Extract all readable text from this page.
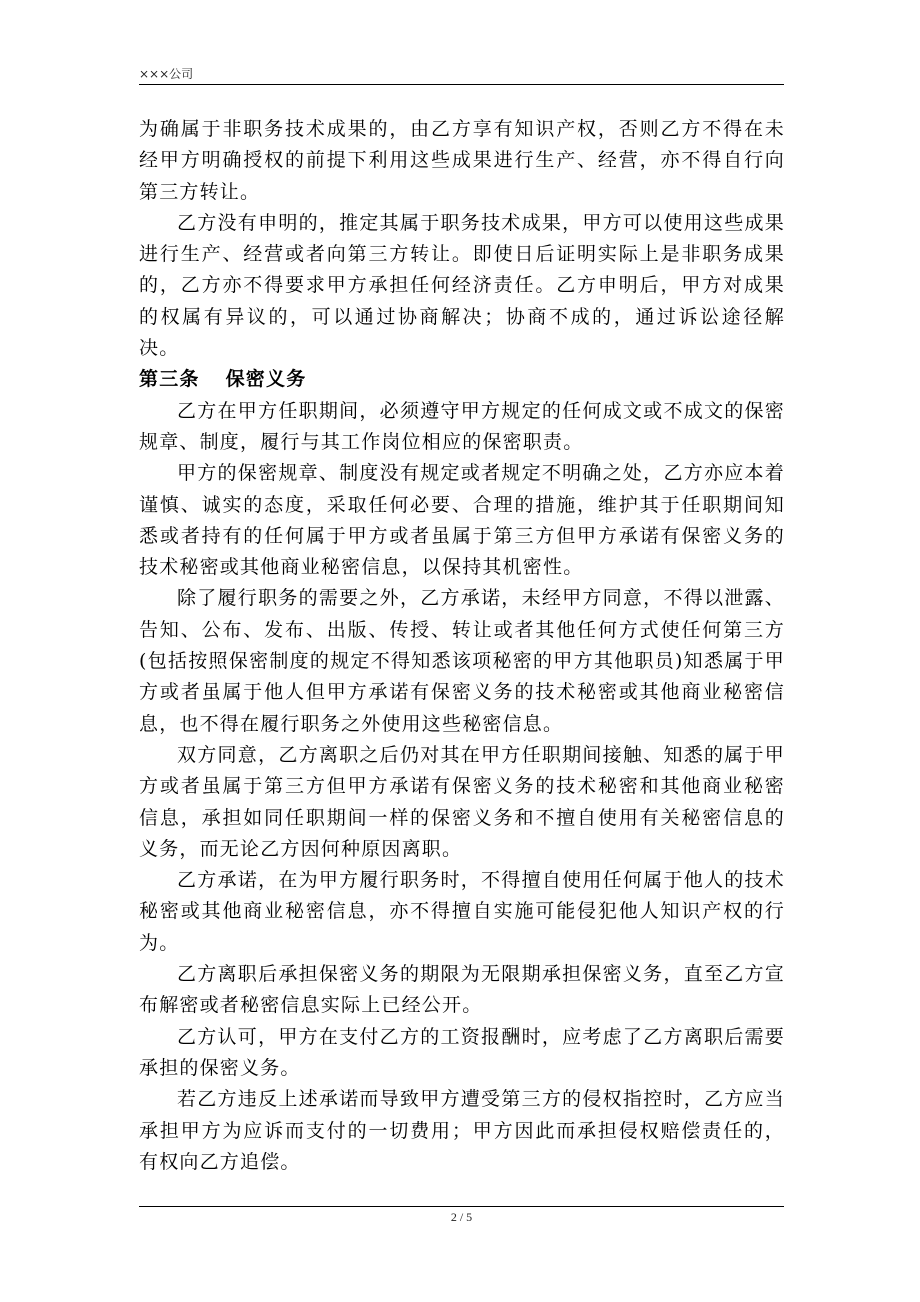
×××公司

为确属于非职务技术成果的，由乙方享有知识产权，否则乙方不得在未经甲方明确授权的前提下利用这些成果进行生产、经营，亦不得自行向第三方转让。

乙方没有申明的，推定其属于职务技术成果，甲方可以使用这些成果进行生产、经营或者向第三方转让。即使日后证明实际上是非职务成果的，乙方亦不得要求甲方承担任何经济责任。乙方申明后，甲方对成果的权属有异议的，可以通过协商解决；协商不成的，通过诉讼途径解决。

第三条 保密义务

乙方在甲方任职期间，必须遵守甲方规定的任何成文或不成文的保密规章、制度，履行与其工作岗位相应的保密职责。

甲方的保密规章、制度没有规定或者规定不明确之处，乙方亦应本着谨慎、诚实的态度，采取任何必要、合理的措施，维护其于任职期间知悉或者持有的任何属于甲方或者虽属于第三方但甲方承诺有保密义务的技术秘密或其他商业秘密信息，以保持其机密性。

除了履行职务的需要之外，乙方承诺，未经甲方同意，不得以泄露、告知、公布、发布、出版、传授、转让或者其他任何方式使任何第三方(包括按照保密制度的规定不得知悉该项秘密的甲方其他职员)知悉属于甲方或者虽属于他人但甲方承诺有保密义务的技术秘密或其他商业秘密信息，也不得在履行职务之外使用这些秘密信息。

双方同意，乙方离职之后仍对其在甲方任职期间接触、知悉的属于甲方或者虽属于第三方但甲方承诺有保密义务的技术秘密和其他商业秘密信息，承担如同任职期间一样的保密义务和不擅自使用有关秘密信息的义务，而无论乙方因何种原因离职。

乙方承诺，在为甲方履行职务时，不得擅自使用任何属于他人的技术秘密或其他商业秘密信息，亦不得擅自实施可能侵犯他人知识产权的行为。

乙方离职后承担保密义务的期限为无限期承担保密义务，直至乙方宣布解密或者秘密信息实际上已经公开。

乙方认可，甲方在支付乙方的工资报酬时，应考虑了乙方离职后需要承担的保密义务。

若乙方违反上述承诺而导致甲方遭受第三方的侵权指控时，乙方应当承担甲方为应诉而支付的一切费用；甲方因此而承担侵权赔偿责任的，有权向乙方追偿。

2 / 5
